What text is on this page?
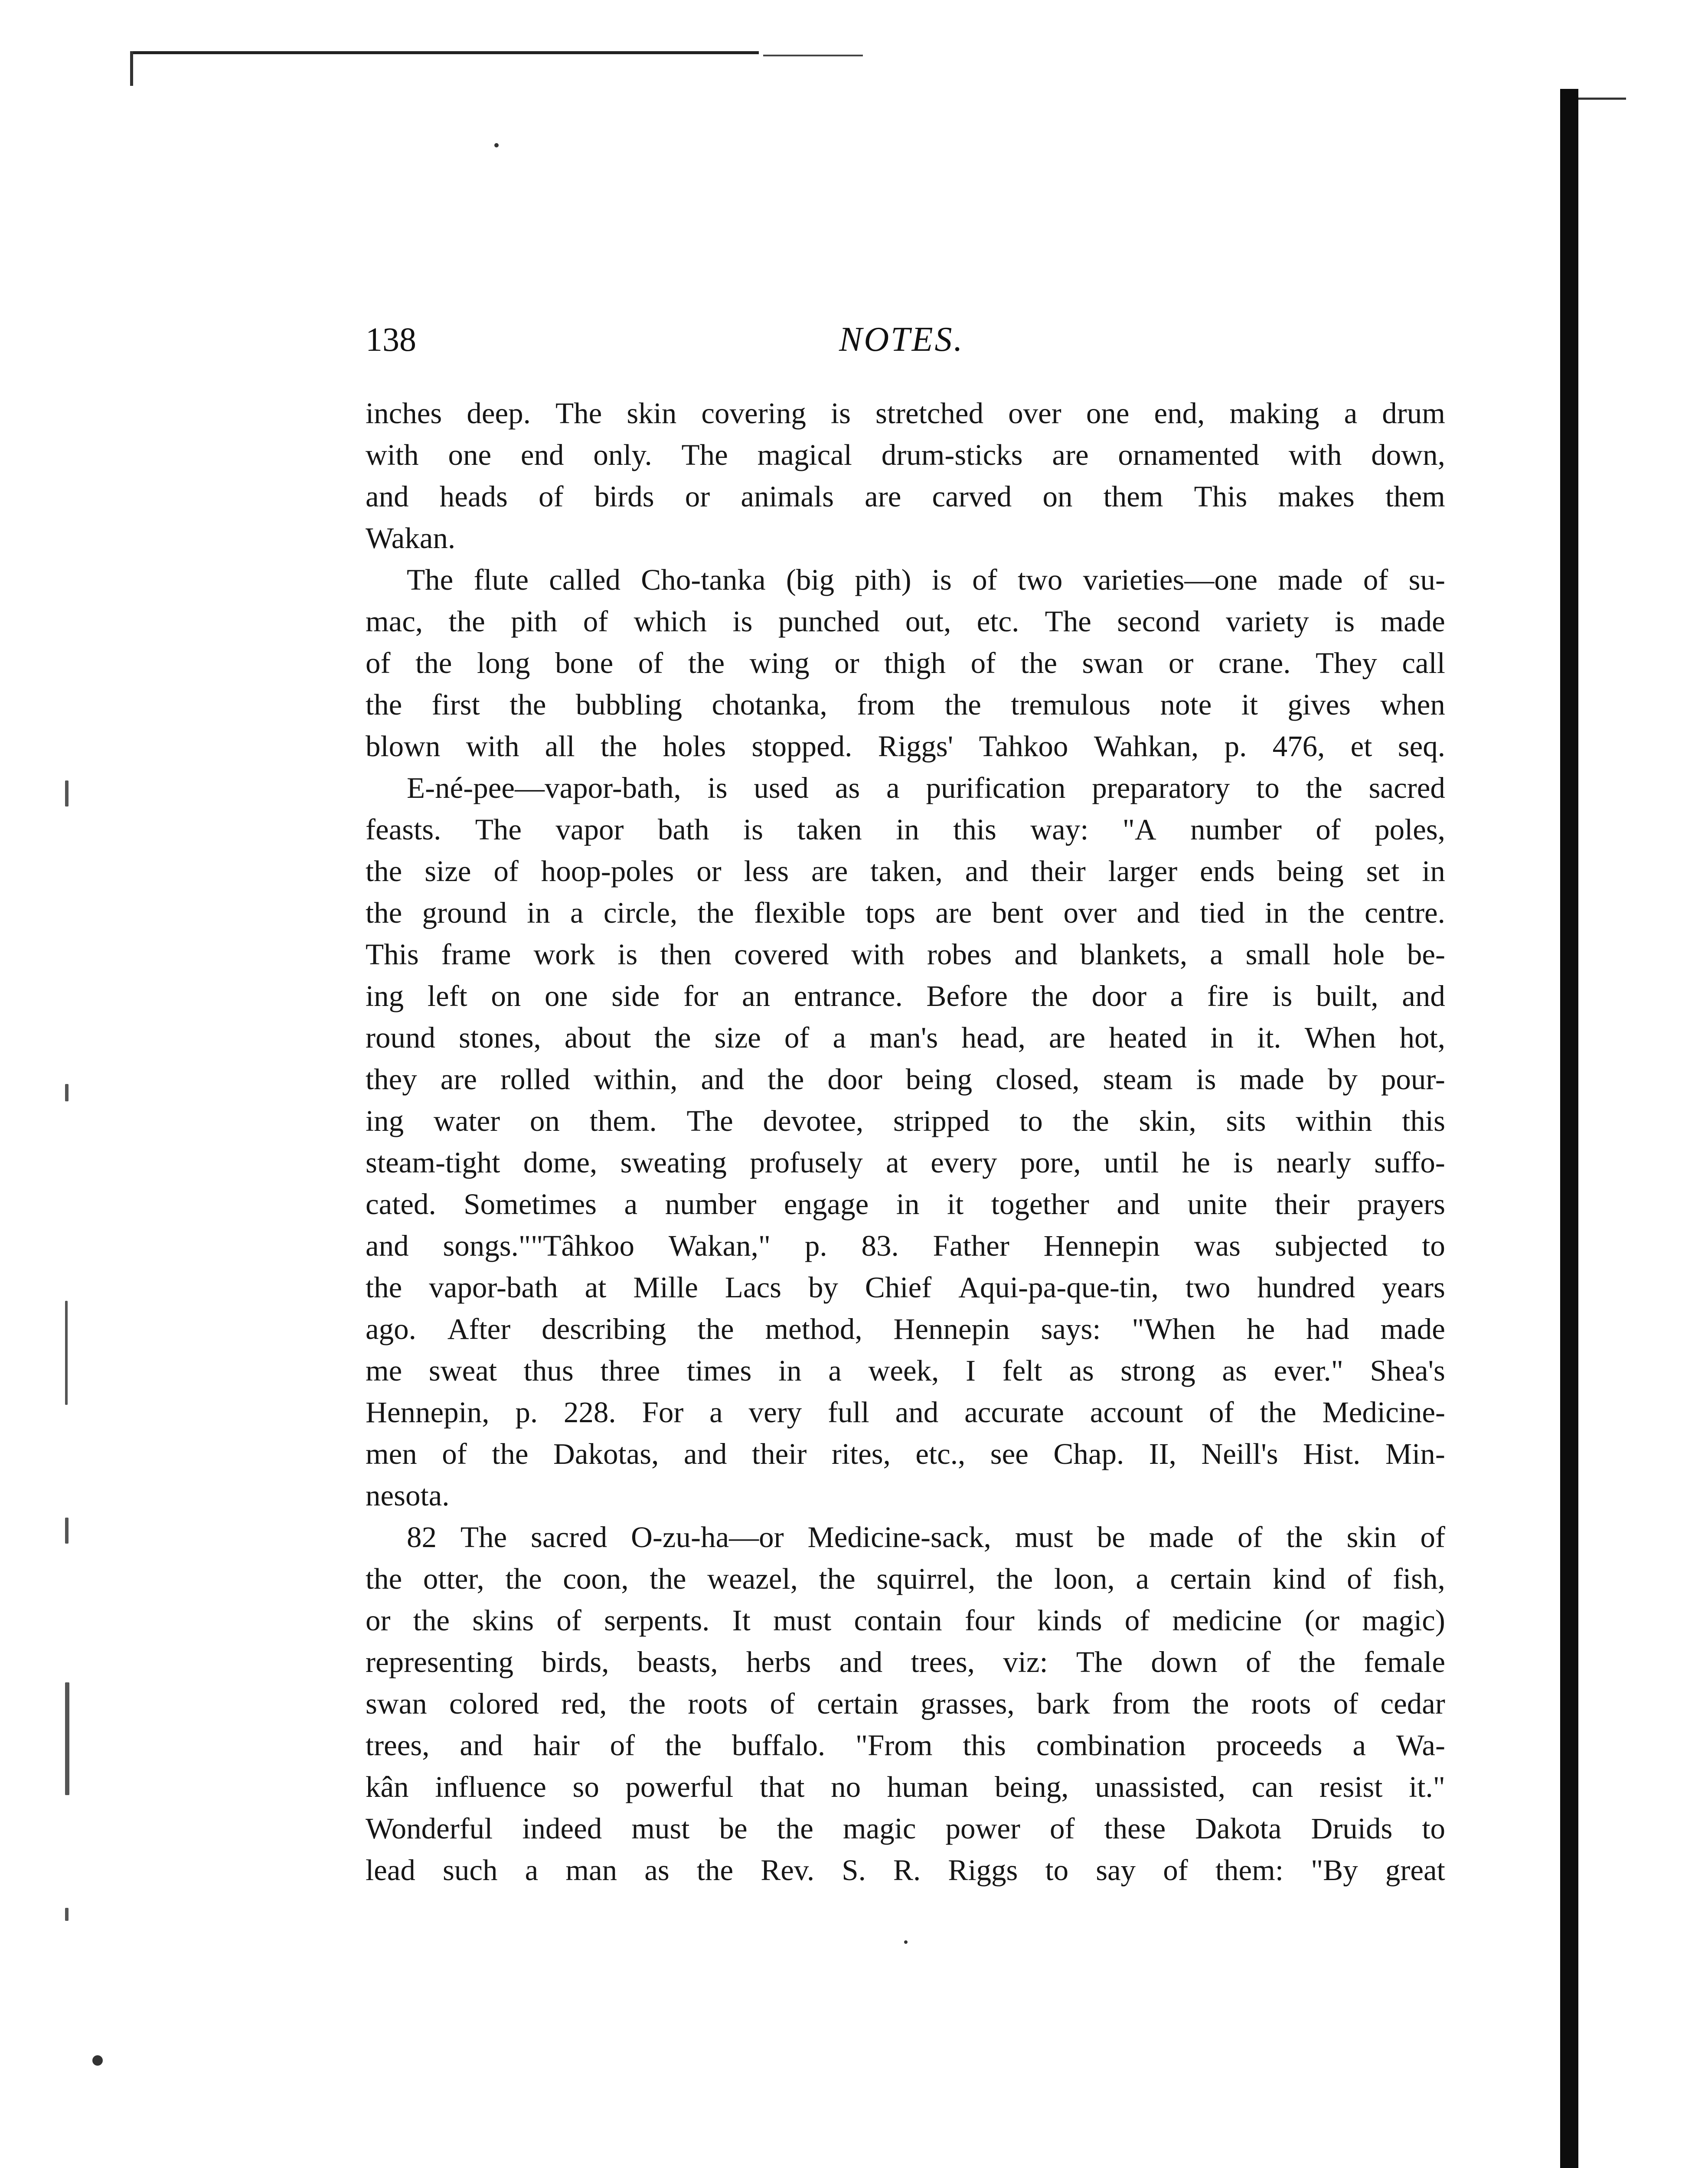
138	NOTES.
inches deep. The skin covering is stretched over one end, making a drum
with one end only. The magical drum-sticks are ornamented with down,
and heads of birds or animals are carved on them This makes them
Wakan.
The flute called Cho-tanka (big pith) is of two varieties—one made of su-
mac, the pith of which is punched out, etc. The second variety is made
of the long bone of the wing or thigh of the swan or crane. They call
the first the bubbling chotanka, from the tremulous note it gives when
blown with all the holes stopped. Riggs' Tahkoo Wahkan, p. 476, et seq.
E-né-pee—vapor-bath, is used as a purification preparatory to the sacred
feasts. The vapor bath is taken in this way: "A number of poles,
the size of hoop-poles or less are taken, and their larger ends being set in
the ground in a circle, the flexible tops are bent over and tied in the centre.
This frame work is then covered with robes and blankets, a small hole be-
ing left on one side for an entrance. Before the door a fire is built, and
round stones, about the size of a man's head, are heated in it. When hot,
they are rolled within, and the door being closed, steam is made by pour-
ing water on them. The devotee, stripped to the skin, sits within this
steam-tight dome, sweating profusely at every pore, until he is nearly suffo-
cated. Sometimes a number engage in it together and unite their prayers
and songs.""Tâhkoo Wakan," p. 83. Father Hennepin was subjected to
the vapor-bath at Mille Lacs by Chief Aqui-pa-que-tin, two hundred years
ago. After describing the method, Hennepin says: "When he had made
me sweat thus three times in a week, I felt as strong as ever." Shea's
Hennepin, p. 228. For a very full and accurate account of the Medicine-
men of the Dakotas, and their rites, etc., see Chap. II, Neill's Hist. Min-
nesota.
82 The sacred O-zu-ha—or Medicine-sack, must be made of the skin of
the otter, the coon, the weazel, the squirrel, the loon, a certain kind of fish,
or the skins of serpents. It must contain four kinds of medicine (or magic)
representing birds, beasts, herbs and trees, viz: The down of the female
swan colored red, the roots of certain grasses, bark from the roots of cedar
trees, and hair of the buffalo. "From this combination proceeds a Wa-
kân influence so powerful that no human being, unassisted, can resist it."
Wonderful indeed must be the magic power of these Dakota Druids to
lead such a man as the Rev. S. R. Riggs to say of them: "By great
